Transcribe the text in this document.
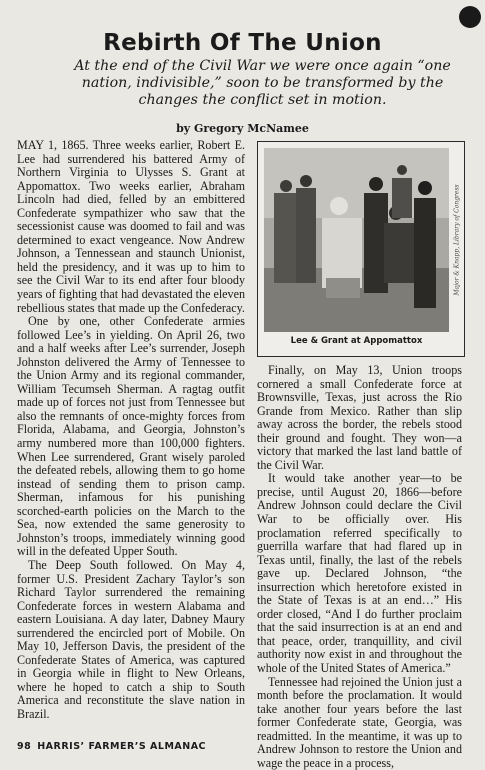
Rebirth Of The Union
At the end of the Civil War we were once again “one nation, indivisible,” soon to be transformed by the changes the conflict set in motion.
by Gregory McNamee

MAY 1, 1865. Three weeks earlier, Robert E. Lee had surrendered his battered Army of Northern Virginia to Ulysses S. Grant at Appomattox. Two weeks earlier, Abraham Lincoln had died, felled by an embittered Confederate sympathizer who saw that the secessionist cause was doomed to fail and was determined to exact vengeance. Now Andrew Johnson, a Tennessean and staunch Unionist, held the presidency, and it was up to him to see the Civil War to its end after four bloody years of fighting that had devastated the eleven rebellious states that made up the Confederacy.

One by one, other Confederate armies followed Lee’s in yielding. On April 26, two and a half weeks after Lee’s surrender, Joseph Johnston delivered the Army of Tennessee to the Union Army and its regional commander, William Tecumseh Sherman. A ragtag outfit made up of forces not just from Tennessee but also the remnants of once-mighty forces from Florida, Alabama, and Georgia, Johnston’s army numbered more than 100,000 fighters. When Lee surrendered, Grant wisely paroled the defeated rebels, allowing them to go home instead of sending them to prison camp. Sherman, infamous for his punishing scorched-earth policies on the March to the Sea, now extended the same generosity to Johnston’s troops, immediately winning good will in the defeated Upper South.

The Deep South followed. On May 4, former U.S. President Zachary Taylor’s son Richard Taylor surrendered the remaining Confederate forces in western Alabama and eastern Louisiana. A day later, Dabney Maury surrendered the encircled port of Mobile. On May 10, Jefferson Davis, the president of the Confederate States of America, was captured in Georgia while in flight to New Orleans, where he hoped to catch a ship to South America and reconstitute the slave nation in Brazil.

Major & Knapp, Library of Congress
Lee & Grant at Appomattox

Finally, on May 13, Union troops cornered a small Confederate force at Brownsville, Texas, just across the Rio Grande from Mexico. Rather than slip away across the border, the rebels stood their ground and fought. They won—a victory that marked the last land battle of the Civil War.

It would take another year—to be precise, until August 20, 1866—before Andrew Johnson could declare the Civil War to be officially over. His proclamation referred specifically to guerrilla warfare that had flared up in Texas until, finally, the last of the rebels gave up. Declared Johnson, “the insurrection which heretofore existed in the State of Texas is at an end…” His order closed, “And I do further proclaim that the said insurrection is at an end and that peace, order, tranquillity, and civil authority now exist in and throughout the whole of the United States of America.”

Tennessee had rejoined the Union just a month before the proclamation. It would take another four years before the last former Confederate state, Georgia, was readmitted. In the meantime, it was up to Andrew Johnson to restore the Union and wage the peace in a process,

98 HARRIS’ FARMER’S ALMANAC
